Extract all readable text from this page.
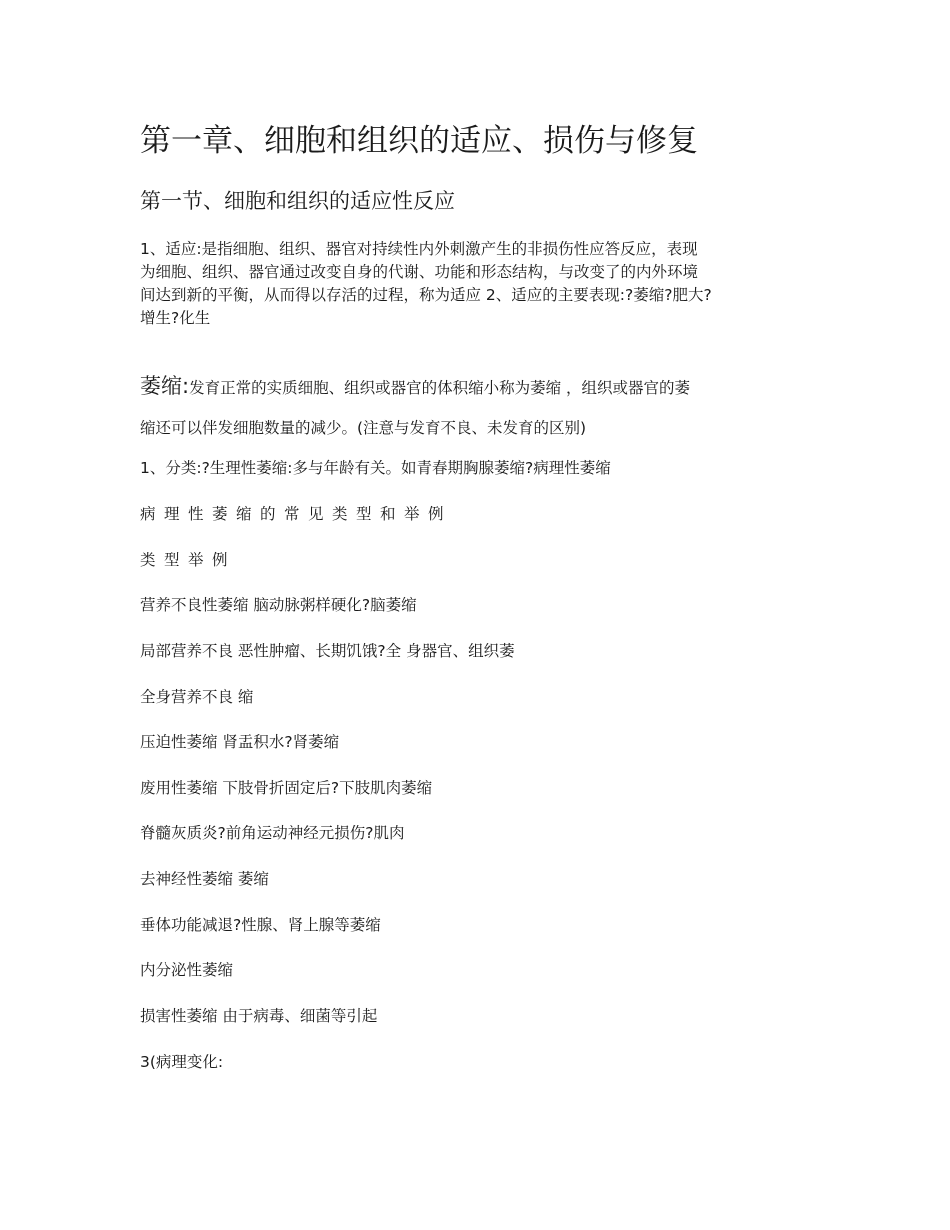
第一章、细胞和组织的适应、损伤与修复
第一节、细胞和组织的适应性反应

1、适应:是指细胞、组织、器官对持续性内外刺激产生的非损伤性应答反应，表现
为细胞、组织、器官通过改变自身的代谢、功能和形态结构，与改变了的内外环境
间达到新的平衡，从而得以存活的过程，称为适应 2、适应的主要表现:?萎缩?肥大?
增生?化生

萎缩:发育正常的实质细胞、组织或器官的体积缩小称为萎缩 ，组织或器官的萎
缩还可以伴发细胞数量的减少。(注意与发育不良、未发育的区别)

1、分类:?生理性萎缩:多与年龄有关。如青春期胸腺萎缩?病理性萎缩

病理性萎缩的常见类型和举例

类型举例

营养不良性萎缩 脑动脉粥样硬化?脑萎缩

局部营养不良 恶性肿瘤、长期饥饿?全 身器官、组织萎

全身营养不良 缩

压迫性萎缩 肾盂积水?肾萎缩

废用性萎缩 下肢骨折固定后?下肢肌肉萎缩

脊髓灰质炎?前角运动神经元损伤?肌肉

去神经性萎缩 萎缩

垂体功能减退?性腺、肾上腺等萎缩

内分泌性萎缩

损害性萎缩 由于病毒、细菌等引起

3(病理变化:
